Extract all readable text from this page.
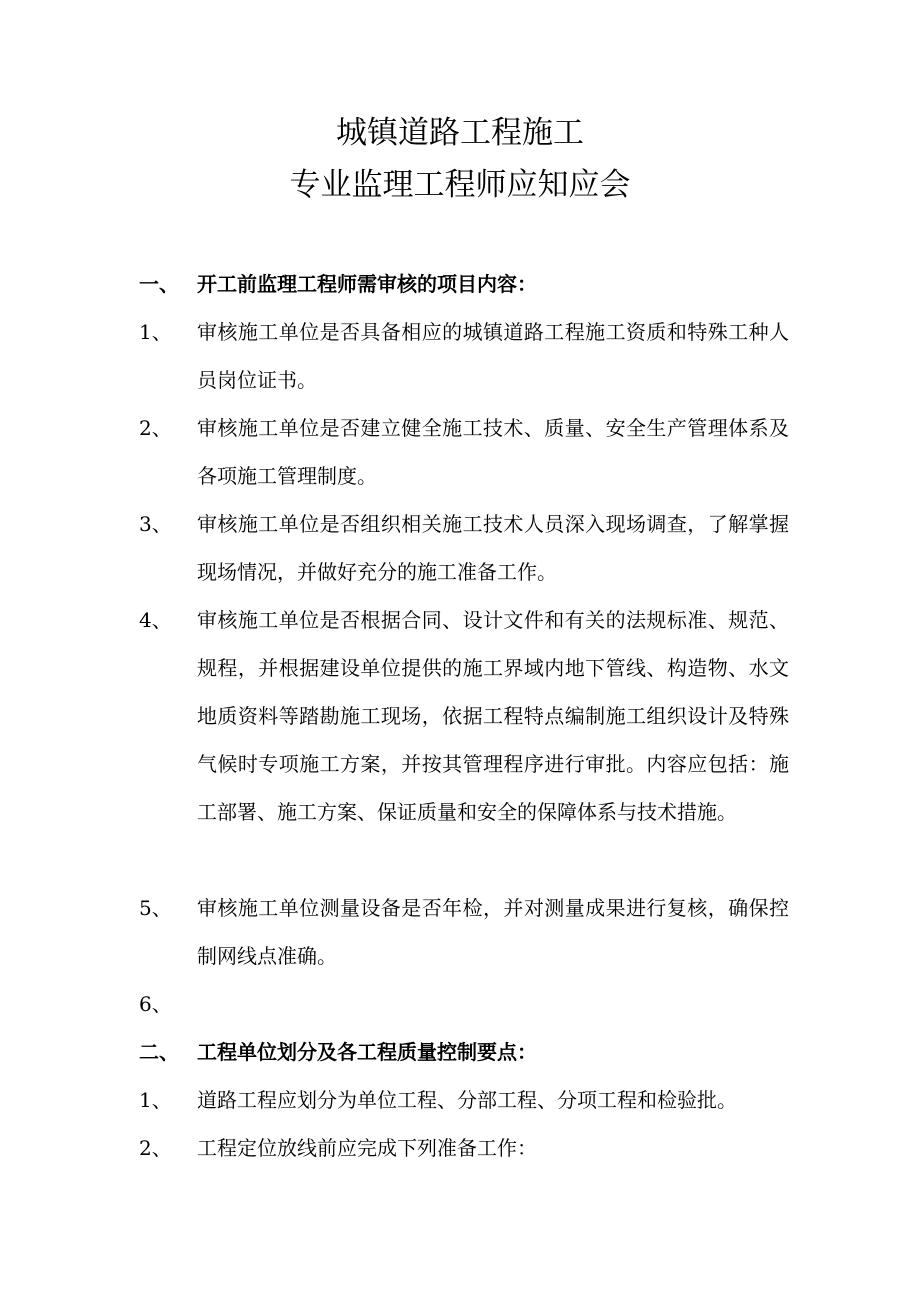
城镇道路工程施工
专业监理工程师应知应会
一、 开工前监理工程师需审核的项目内容：
1、	审核施工单位是否具备相应的城镇道路工程施工资质和特殊工种人员岗位证书。
2、	审核施工单位是否建立健全施工技术、质量、安全生产管理体系及各项施工管理制度。
3、	审核施工单位是否组织相关施工技术人员深入现场调查，了解掌握现场情况，并做好充分的施工准备工作。
4、	审核施工单位是否根据合同、设计文件和有关的法规标准、规范、规程，并根据建设单位提供的施工界域内地下管线、构造物、水文地质资料等踏勘施工现场，依据工程特点编制施工组织设计及特殊气候时专项施工方案，并按其管理程序进行审批。内容应包括：施工部署、施工方案、保证质量和安全的保障体系与技术措施。
5、	审核施工单位测量设备是否年检，并对测量成果进行复核，确保控制网线点准确。
6、
二、 工程单位划分及各工程质量控制要点：
1、	道路工程应划分为单位工程、分部工程、分项工程和检验批。
2、	工程定位放线前应完成下列准备工作：
